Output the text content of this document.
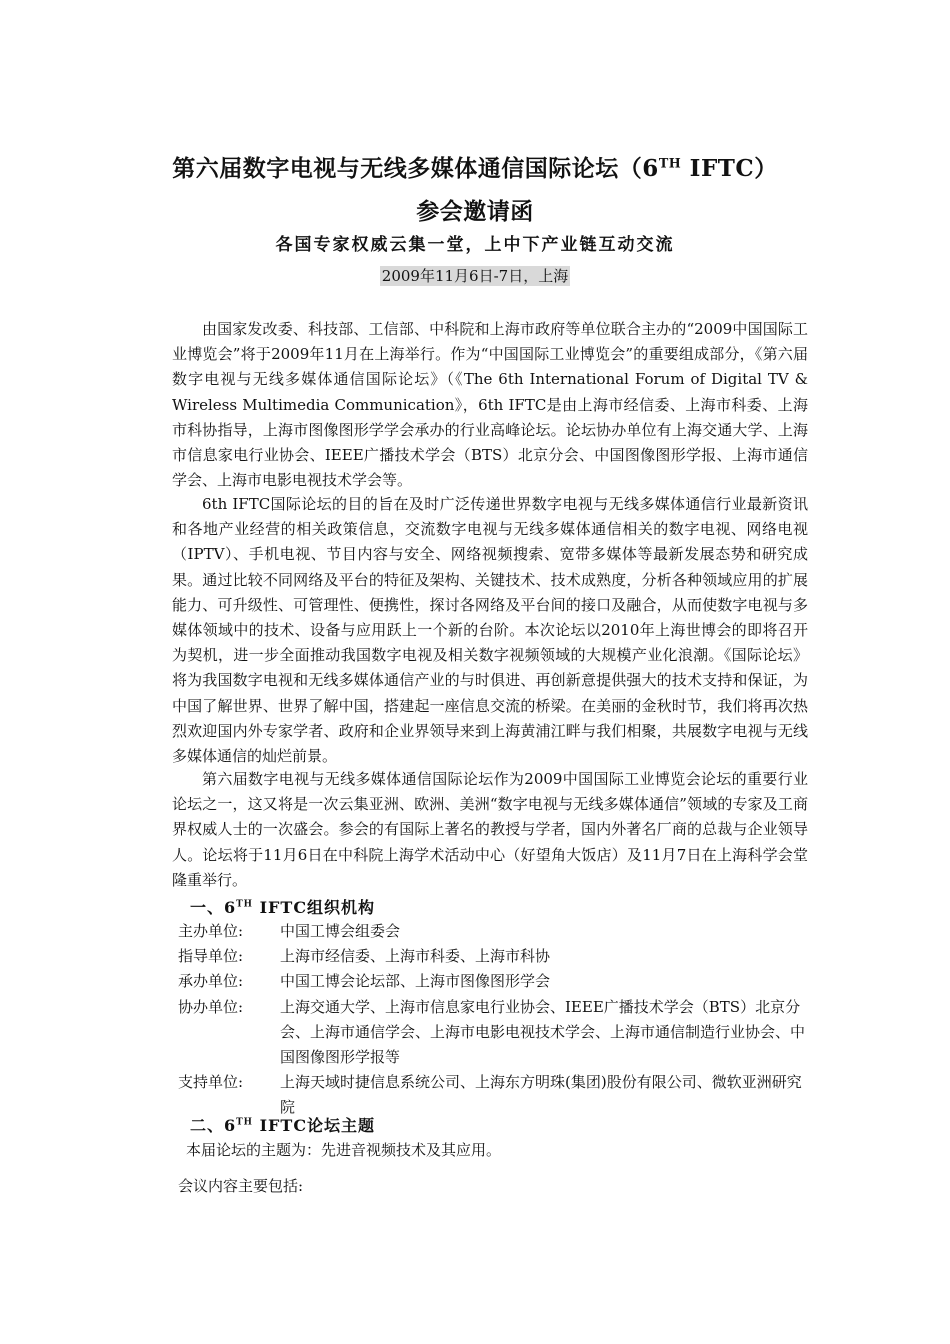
第六届数字电视与无线多媒体通信国际论坛（6TH IFTC）
参会邀请函
各国专家权威云集一堂，上中下产业链互动交流
2009年11月6日-7日，上海

由国家发改委、科技部、工信部、中科院和上海市政府等单位联合主办的“2009中国国际工业博览会”将于2009年11月在上海举行。作为“中国国际工业博览会”的重要组成部分，《第六届数字电视与无线多媒体通信国际论坛》（《The 6th International Forum of Digital TV & Wireless Multimedia Communication》，6th IFTC是由上海市经信委、上海市科委、上海市科协指导，上海市图像图形学学会承办的行业高峰论坛。论坛协办单位有上海交通大学、上海市信息家电行业协会、IEEE广播技术学会（BTS）北京分会、中国图像图形学报、上海市通信学会、上海市电影电视技术学会等。

6th IFTC国际论坛的目的旨在及时广泛传递世界数字电视与无线多媒体通信行业最新资讯和各地产业经营的相关政策信息，交流数字电视与无线多媒体通信相关的数字电视、网络电视（IPTV）、手机电视、节目内容与安全、网络视频搜索、宽带多媒体等最新发展态势和研究成果。通过比较不同网络及平台的特征及架构、关键技术、技术成熟度，分析各种领域应用的扩展能力、可升级性、可管理性、便携性，探讨各网络及平台间的接口及融合，从而使数字电视与多媒体领域中的技术、设备与应用跃上一个新的台阶。本次论坛以2010年上海世博会的即将召开为契机，进一步全面推动我国数字电视及相关数字视频领域的大规模产业化浪潮。《国际论坛》将为我国数字电视和无线多媒体通信产业的与时俱进、再创新意提供强大的技术支持和保证，为中国了解世界、世界了解中国，搭建起一座信息交流的桥梁。在美丽的金秋时节，我们将再次热烈欢迎国内外专家学者、政府和企业界领导来到上海黄浦江畔与我们相聚，共展数字电视与无线多媒体通信的灿烂前景。

第六届数字电视与无线多媒体通信国际论坛作为2009中国国际工业博览会论坛的重要行业论坛之一，这又将是一次云集亚洲、欧洲、美洲“数字电视与无线多媒体通信”领域的专家及工商界权威人士的一次盛会。参会的有国际上著名的教授与学者，国内外著名厂商的总裁与企业领导人。论坛将于11月6日在中科院上海学术活动中心（好望角大饭店）及11月7日在上海科学会堂隆重举行。

一、6TH IFTC组织机构
主办单位:	中国工博会组委会
指导单位:	上海市经信委、上海市科委、上海市科协
承办单位:	中国工博会论坛部、上海市图像图形学会
协办单位:	上海交通大学、上海市信息家电行业协会、IEEE广播技术学会（BTS）北京分会、上海市通信学会、上海市电影电视技术学会、上海市通信制造行业协会、中国图像图形学报等
支持单位:	上海天域时捷信息系统公司、上海东方明珠(集团)股份有限公司、微软亚洲研究院
二、6TH IFTC论坛主题
本届论坛的主题为：先进音视频技术及其应用。
会议内容主要包括:
